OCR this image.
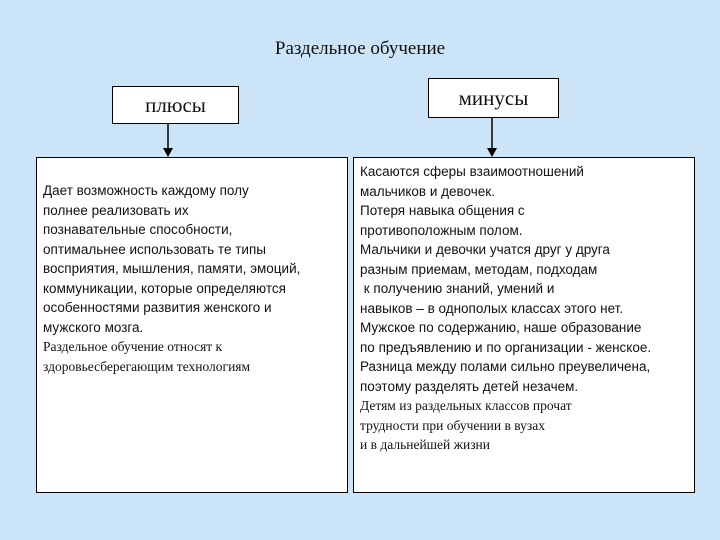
Раздельное обучение
плюсы	минусы
Дает возможность каждому полу
полнее реализовать их
познавательные способности,
оптимальнее использовать те типы
восприятия, мышления, памяти, эмоций,
коммуникации, которые определяются
особенностями развития женского и
мужского мозга.
Раздельное обучение относят к
здоровьесберегающим технологиям
Касаются сферы взаимоотношений
мальчиков и девочек.
Потеря навыка общения с
противоположным полом.
Мальчики и девочки учатся друг у друга
разным приемам, методам, подходам
к получению знаний, умений и
навыков – в однополых классах этого нет.
Мужское по содержанию, наше образование
по предъявлению и по организации - женское.
Разница между полами сильно преувеличена,
поэтому разделять детей незачем.
Детям из раздельных классов прочат
трудности при обучении в вузах
и в дальнейшей жизни
